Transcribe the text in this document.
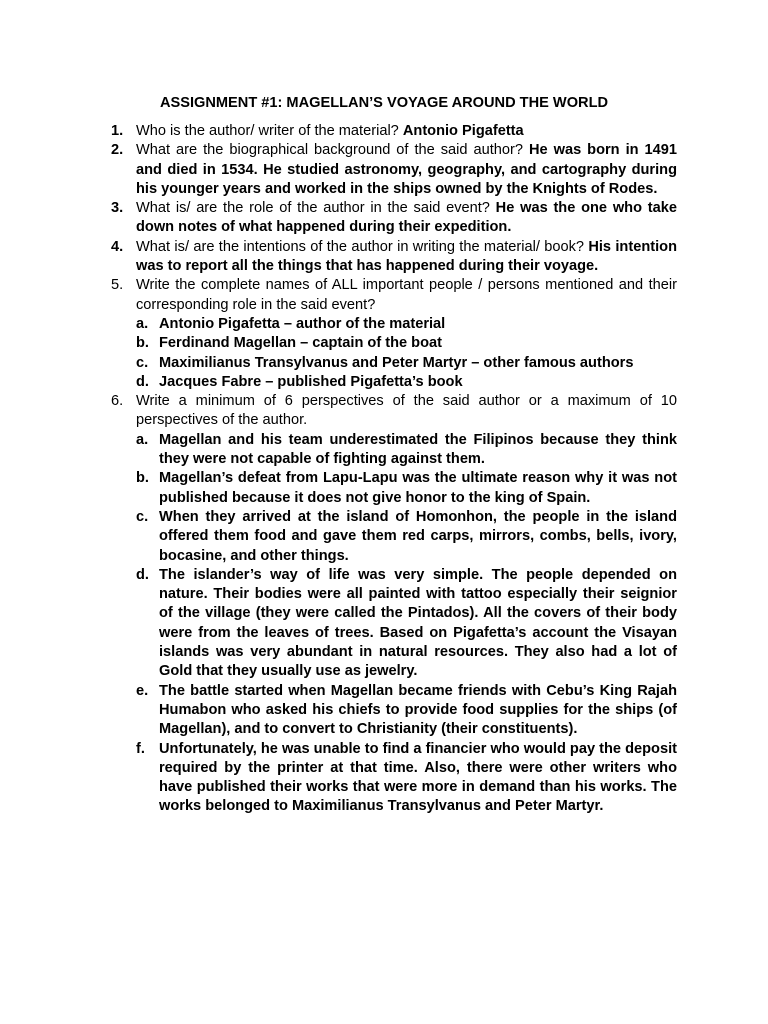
ASSIGNMENT #1: MAGELLAN’S VOYAGE AROUND THE WORLD
1. Who is the author/ writer of the material? Antonio Pigafetta
2. What are the biographical background of the said author? He was born in 1491 and died in 1534. He studied astronomy, geography, and cartography during his younger years and worked in the ships owned by the Knights of Rodes.
3. What is/ are the role of the author in the said event? He was the one who take down notes of what happened during their expedition.
4. What is/ are the intentions of the author in writing the material/ book? His intention was to report all the things that has happened during their voyage.
5. Write the complete names of ALL important people / persons mentioned and their corresponding role in the said event?
a. Antonio Pigafetta – author of the material
b. Ferdinand Magellan – captain of the boat
c. Maximilianus Transylvanus and Peter Martyr – other famous authors
d. Jacques Fabre – published Pigafetta’s book
6. Write a minimum of 6 perspectives of the said author or a maximum of 10 perspectives of the author.
a. Magellan and his team underestimated the Filipinos because they think they were not capable of fighting against them.
b. Magellan’s defeat from Lapu-Lapu was the ultimate reason why it was not published because it does not give honor to the king of Spain.
c. When they arrived at the island of Homonhon, the people in the island offered them food and gave them red carps, mirrors, combs, bells, ivory, bocasine, and other things.
d. The islander’s way of life was very simple. The people depended on nature. Their bodies were all painted with tattoo especially their seignior of the village (they were called the Pintados). All the covers of their body were from the leaves of trees. Based on Pigafetta’s account the Visayan islands was very abundant in natural resources. They also had a lot of Gold that they usually use as jewelry.
e. The battle started when Magellan became friends with Cebu’s King Rajah Humabon who asked his chiefs to provide food supplies for the ships (of Magellan), and to convert to Christianity (their constituents).
f. Unfortunately, he was unable to find a financier who would pay the deposit required by the printer at that time. Also, there were other writers who have published their works that were more in demand than his works. The works belonged to Maximilianus Transylvanus and Peter Martyr.
